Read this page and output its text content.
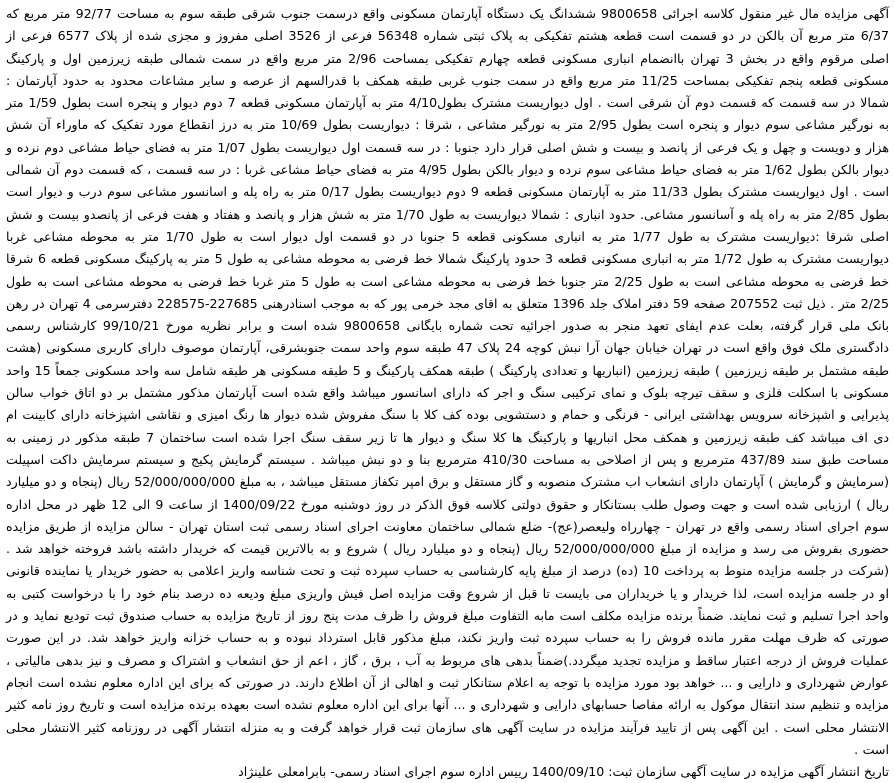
آگهی مزایده مال غیر منقول کلاسه اجرائی 9800658 ششدانگ یک دستگاه آپارتمان مسکونی واقع درسمت جنوب شرقی طبقه سوم به مساحت 92/77 متر مربع که 6/37 متر مربع آن بالکن در دو قسمت است قطعه هشتم تفکیکی به پلاک ثبتی شماره 56348 فرعی از 3526 اصلی مفروز و مجزی شده از پلاک 6577 فرعی از اصلی مرقوم واقع در بخش 3 تهران باانضمام انباری مسکونی قطعه چهارم تفکیکی بمساحت 2/96 متر مربع واقع در سمت شمالی طبقه زیرزمین اول و پارکینگ مسکونی قطعه پنجم تفکیکی بمساحت 11/25 متر مربع واقع در سمت جنوب غربی طبقه همکف با قدرالسهم از عرصه و سایر مشاعات محدود به حدود آپارتمان : شمالا در سه قسمت که قسمت دوم آن شرقی است . اول دیواریست مشترک بطول4/10 متر به آپارتمان مسکونی قطعه 7 دوم دیوار و پنجره است بطول 1/59 متر به نورگیر مشاعی سوم دیوار و پنجره است بطول 2/95 متر به نورگیر مشاعی ، شرقا : دیواریست بطول 10/69 متر به درز انقطاع مورد تفکیک که ماوراء آن شش هزار و دویست و چهل و یک فرعی از پانصد و بیست و شش اصلی قرار دارد جنوبا : در سه قسمت اول دیواریست بطول 1/07 متر به فضای حیاط مشاعی دوم نرده و دیوار بالکن بطول 1/62 متر به فضای حیاط مشاعی سوم نرده و دیوار بالکن بطول 4/95 متر به فضای حیاط مشاعی غربا : در سه قسمت ، که قسمت دوم آن شمالی است . اول دیواریست مشترک بطول 11/33 متر به آپارتمان مسکونی قطعه 9 دوم دیواریست بطول 0/17 متر به راه پله و اسانسور مشاعی سوم درب و دیوار است بطول 2/85 متر به راه پله و آسانسور مشاعی. حدود انباری : شمالا دیواریست به طول 1/70 متر به شش هزار و پانصد و هفتاد و هفت فرعی از پانصدو بیست و شش اصلی شرقا :دیواریست مشترک به طول 1/77 متر به انباری مسکونی قطعه 5 جنوبا در دو قسمت اول دیوار است به طول 1/70 متر به محوطه مشاعی غربا دیواریست مشترک به طول 1/72 متر به انباری مسکونی قطعه 3 حدود پارکینگ شمالا خط فرضی به محوطه مشاعی به طول 5 متر به پارکینگ مسکونی قطعه 6 شرقا خط فرضی به محوطه مشاعی است به طول 2/25 متر جنوبا خط فرضی به محوطه مشاعی است به طول 5 متر غربا خط فرضی به محوطه مشاعی است به طول 2/25 متر . ذیل ثبت 207552 صفحه 59 دفتر املاک جلد 1396 متعلق به اقای مجد خرمی پور که به موجب اسنادرهنی 227685-228575 دفترسرمی 4 تهران در رهن بانک ملی قرار گرفته، بعلت عدم ایفای تعهد منجر به صدور اجرائیه تحت شماره بایگانی 9800658 شده است و برابر نظریه مورخ 99/10/21 کارشناس رسمی دادگستری ملک فوق واقع است در تهران خیابان جهان آرا نبش کوچه 24 پلاک 47 طبقه سوم واحد سمت جنوبشرقی، آپارتمان موصوف دارای کاربری مسکونی (هشت طبقه مشتمل بر طبقه زیرزمین ) طبقه زیرزمین (انباریها و تعدادی پارکینگ ) طبقه همکف پارکینگ و 5 طبقه مسکونی هر طبقه شامل سه واحد مسکونی جمعاً 15 واحد مسکونی با اسکلت فلزی و سقف تیرچه بلوک و نمای ترکیبی سنگ و اجر که دارای اسانسور میباشد واقع شده است آپارتمان مذکور مشتمل بر دو اتاق خواب سالن پذیرایی و اشپزخانه سرویس بهداشتی ایرانی - فرنگی و حمام و دستشویی بوده کف کلا با سنگ مفروش شده دیوار ها رنگ امیزی و نقاشی اشپزخانه دارای کابینت ام دی اف میباشد کف طبقه زیرزمین و همکف محل انباریها و پارکینگ ها کلا سنگ و دیوار ها تا زیر سقف سنگ اجرا شده است ساختمان 7 طبقه مذکور در زمینی به مساحت طبق سند 437/89 مترمربع و پس از اصلاحی به مساحت 410/30 مترمربع بنا و دو نبش میباشد . سیستم گرمایش پکیج و سیستم سرمایش داکت اسپیلت (سرمایش و گرمایش ) آپارتمان دارای انشعاب اب مشترک منصوبه و گاز مستقل و برق امپر تکفاز مستقل میباشد ، به مبلغ 52/000/000/000 ریال (پنجاه و دو میلیارد ریال ) ارزیابی شده است و جهت وصول طلب بستانکار و حقوق دولتی کلاسه فوق الذکر در روز دوشنبه مورخ 1400/09/22 از ساعت 9 الی 12 ظهر در محل اداره سوم اجرای اسناد رسمی واقع در تهران - چهارراه ولیعصر(عج)- ضلع شمالی ساختمان معاونت اجرای اسناد رسمی ثبت استان تهران - سالن مزایده از طریق مزایده حضوری بفروش می رسد و مزایده از مبلغ 52/000/000/000 ریال (پنجاه و دو میلیارد ریال ) شروع و به بالاترین قیمت که خریدار داشته باشد فروخته خواهد شد . (شرکت در جلسه مزایده منوط به پرداخت 10 (ده) درصد از مبلغ پایه کارشناسی به حساب سپرده ثبت و تحت شناسه واریز اعلامی به حضور خریدار یا نماینده قانونی او در جلسه مزایده است، لذا خریدار و یا خریداران می بایست تا قبل از شروع وقت مزایده اصل فیش واریزی مبلغ ودیعه ده درصد بنام خود را با درخواست کتبی به واحد اجرا تسلیم و ثبت نمایند. ضمناً برنده مزایده مکلف است مابه التفاوت مبلغ فروش را ظرف مدت پنج روز از تاریخ مزایده به حساب صندوق ثبت تودیع نماید و در صورتی که ظرف مهلت مقرر مانده فروش را به حساب سپرده ثبت واریز نکند، مبلغ مذکور قابل استرداد نبوده و به حساب خزانه واریز خواهد شد. در این صورت عملیات فروش از درجه اعتبار ساقط و مزایده تجدید میگردد.)ضمناً بدهی های مربوط به آب ، برق ، گاز ، اعم از حق انشعاب و اشتراک و مصرف و نیز بدهی مالیاتی ، عوارض شهرداری و دارایی و ... خواهد بود مورد مزایده با توجه به اعلام ستانکار ثبت و اهالی از آن اطلاع دارند. در صورتی که برای این اداره معلوم نشده است انجام مزایده و تنظیم سند انتقال موکول به ارائه مفاصا حسابهای دارایی و شهرداری و ... آنها برای این اداره معلوم نشده است بعهده برنده مزایده است و تاریخ روز نامه کثیر الانتشار محلی است . این آگهی پس از تایید فرآیند مزایده در سایت آگهی های سازمان ثبت قرار خواهد گرفت و به منزله انتشار آگهی در روزنامه کثیر الانتشار محلی است .

تاریخ انتشار آگهی مزایده در سایت آگهی سازمان ثبت: 1400/09/10 رییس اداره سوم اجرای اسناد رسمی- بابرامعلی علینژاد
